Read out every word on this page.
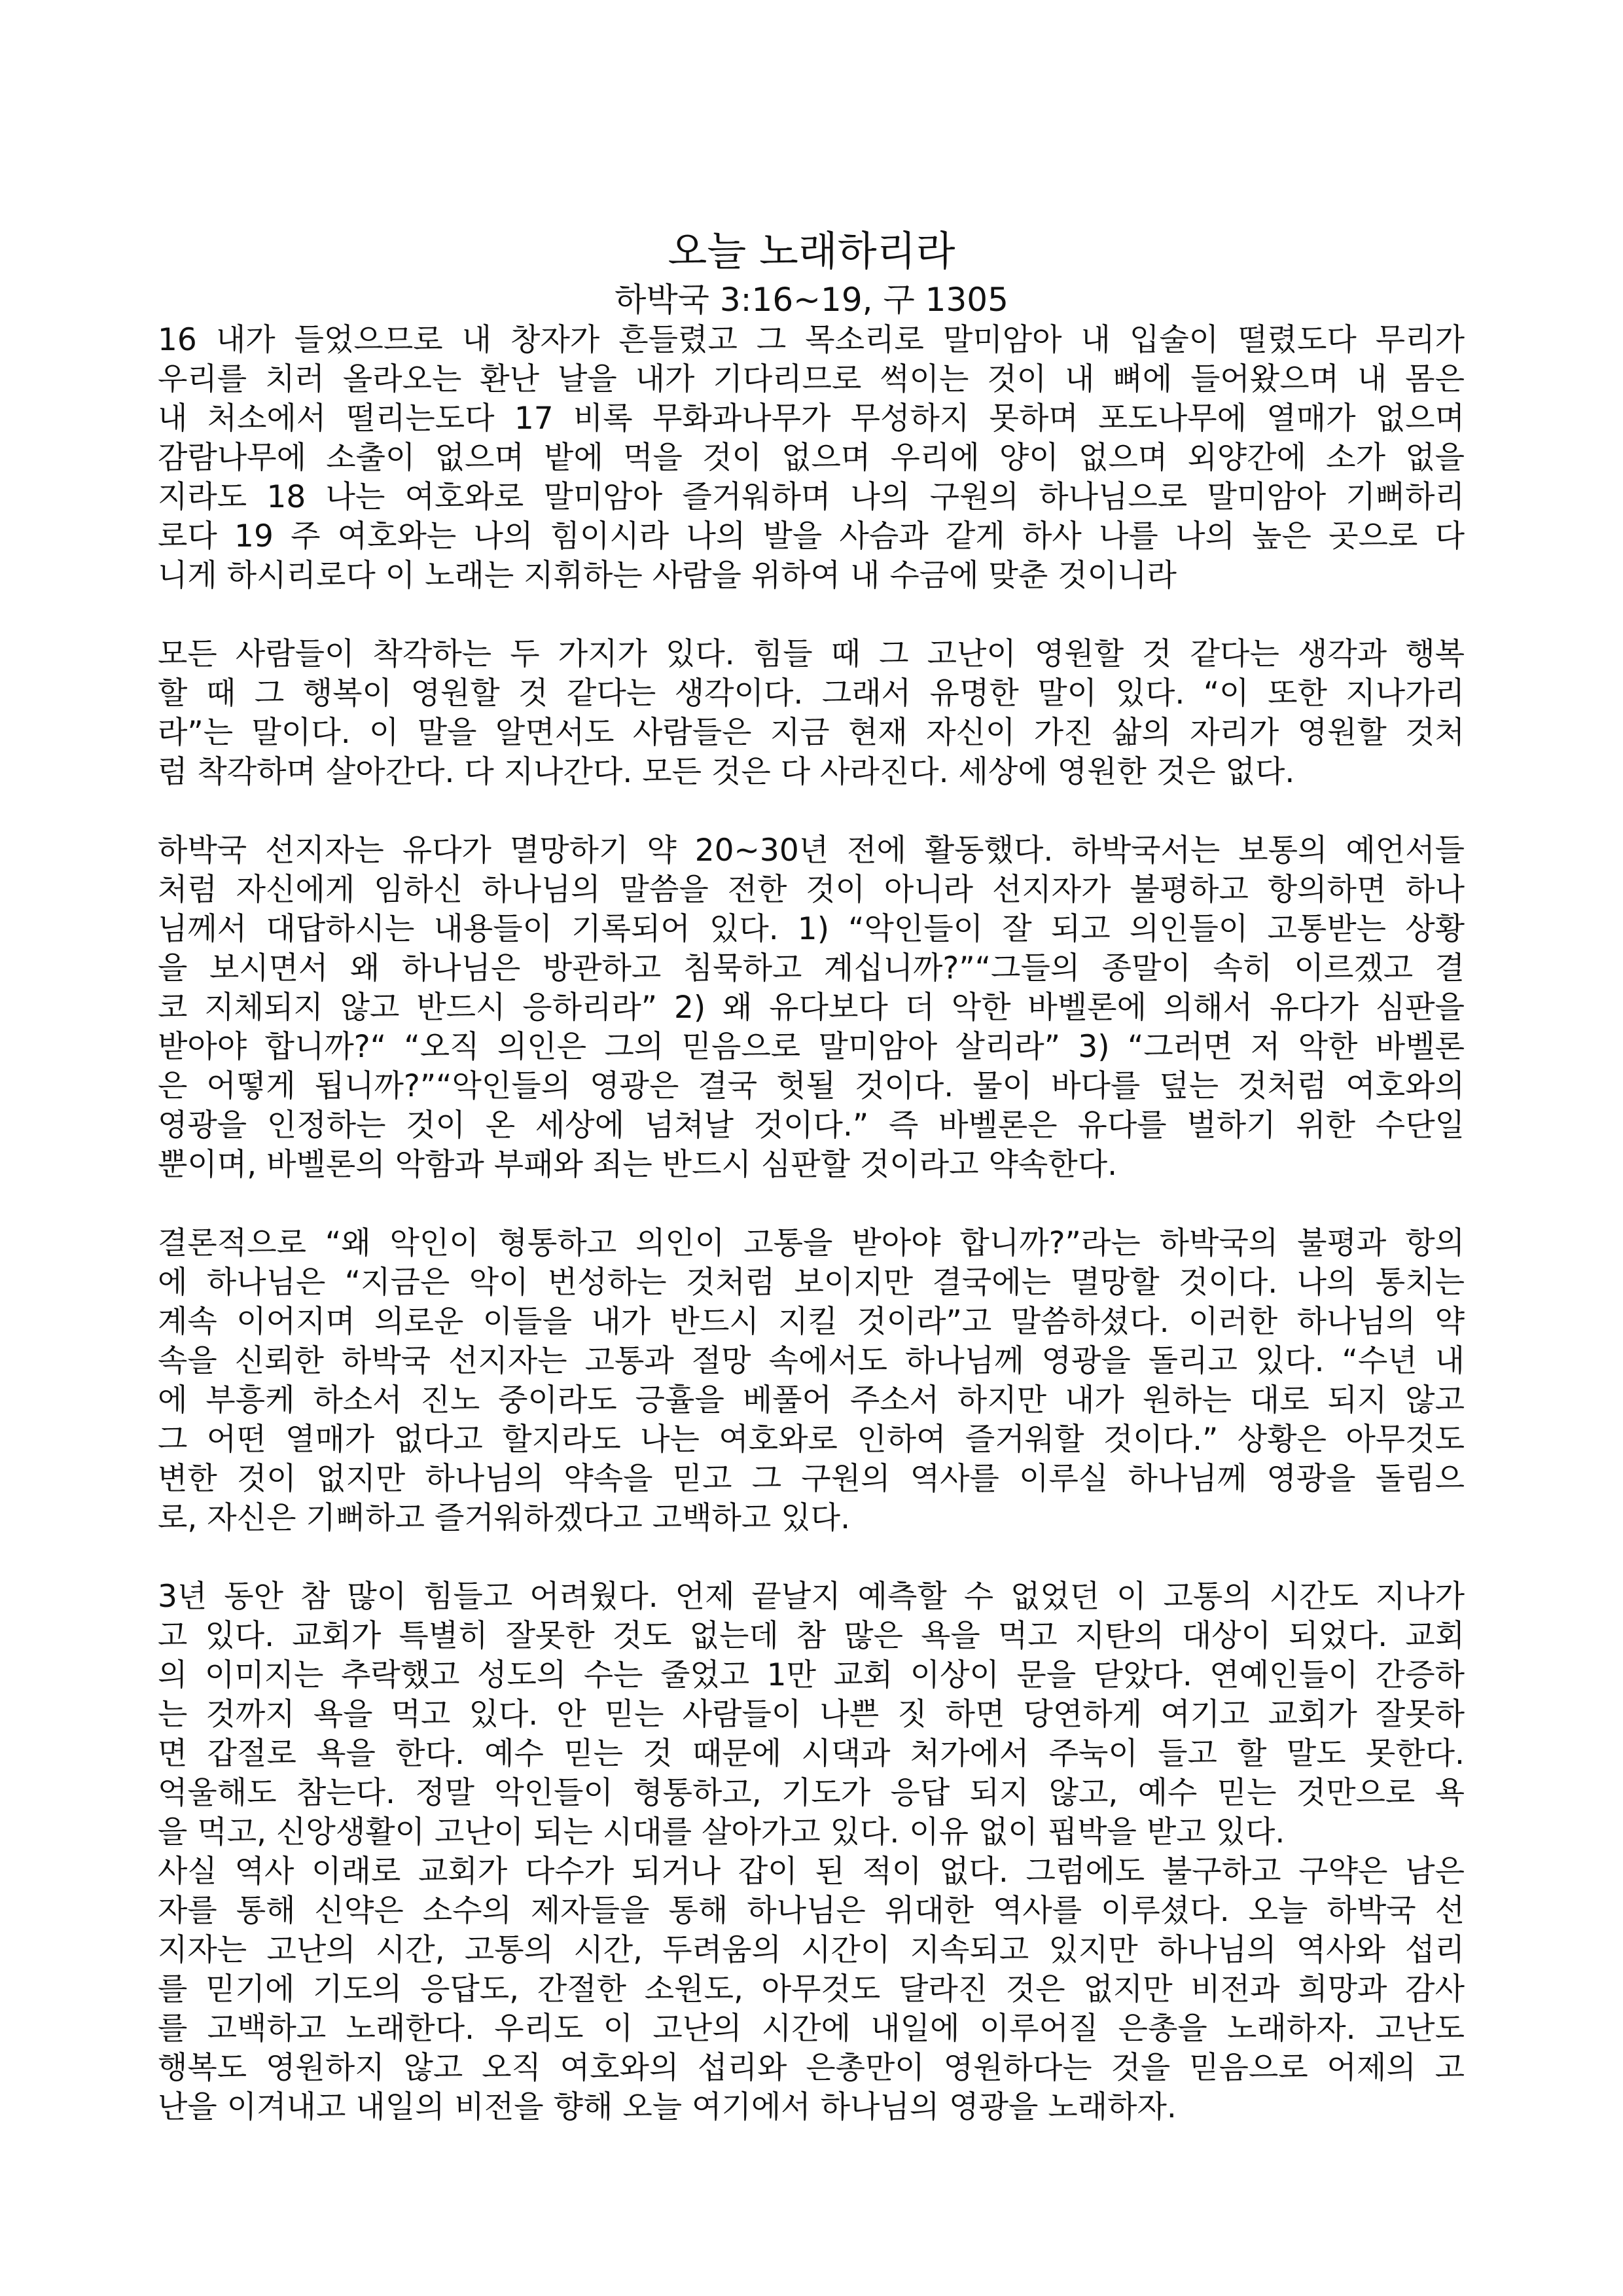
오늘 노래하리라
하박국 3:16~19, 구 1305
16 내가 들었으므로 내 창자가 흔들렸고 그 목소리로 말미암아 내 입술이 떨렸도다 무리가
우리를 치러 올라오는 환난 날을 내가 기다리므로 썩이는 것이 내 뼈에 들어왔으며 내 몸은
내 처소에서 떨리는도다 17 비록 무화과나무가 무성하지 못하며 포도나무에 열매가 없으며
감람나무에 소출이 없으며 밭에 먹을 것이 없으며 우리에 양이 없으며 외양간에 소가 없을
지라도 18 나는 여호와로 말미암아 즐거워하며 나의 구원의 하나님으로 말미암아 기뻐하리
로다 19 주 여호와는 나의 힘이시라 나의 발을 사슴과 같게 하사 나를 나의 높은 곳으로 다
니게 하시리로다 이 노래는 지휘하는 사람을 위하여 내 수금에 맞춘 것이니라
모든 사람들이 착각하는 두 가지가 있다. 힘들 때 그 고난이 영원할 것 같다는 생각과 행복
할 때 그 행복이 영원할 것 같다는 생각이다. 그래서 유명한 말이 있다. “이 또한 지나가리
라”는 말이다. 이 말을 알면서도 사람들은 지금 현재 자신이 가진 삶의 자리가 영원할 것처
럼 착각하며 살아간다. 다 지나간다. 모든 것은 다 사라진다. 세상에 영원한 것은 없다.
하박국 선지자는 유다가 멸망하기 약 20~30년 전에 활동했다. 하박국서는 보통의 예언서들
처럼 자신에게 임하신 하나님의 말씀을 전한 것이 아니라 선지자가 불평하고 항의하면 하나
님께서 대답하시는 내용들이 기록되어 있다. 1) “악인들이 잘 되고 의인들이 고통받는 상황
을 보시면서 왜 하나님은 방관하고 침묵하고 계십니까?”“그들의 종말이 속히 이르겠고 결
코 지체되지 않고 반드시 응하리라” 2) 왜 유다보다 더 악한 바벨론에 의해서 유다가 심판을
받아야 합니까?“ “오직 의인은 그의 믿음으로 말미암아 살리라” 3) “그러면 저 악한 바벨론
은 어떻게 됩니까?”“악인들의 영광은 결국 헛될 것이다. 물이 바다를 덮는 것처럼 여호와의
영광을 인정하는 것이 온 세상에 넘쳐날 것이다.” 즉 바벨론은 유다를 벌하기 위한 수단일
뿐이며, 바벨론의 악함과 부패와 죄는 반드시 심판할 것이라고 약속한다.
결론적으로 “왜 악인이 형통하고 의인이 고통을 받아야 합니까?”라는 하박국의 불평과 항의
에 하나님은 “지금은 악이 번성하는 것처럼 보이지만 결국에는 멸망할 것이다. 나의 통치는
계속 이어지며 의로운 이들을 내가 반드시 지킬 것이라”고 말씀하셨다. 이러한 하나님의 약
속을 신뢰한 하박국 선지자는 고통과 절망 속에서도 하나님께 영광을 돌리고 있다. “수년 내
에 부흥케 하소서 진노 중이라도 긍휼을 베풀어 주소서 하지만 내가 원하는 대로 되지 않고
그 어떤 열매가 없다고 할지라도 나는 여호와로 인하여 즐거워할 것이다.” 상황은 아무것도
변한 것이 없지만 하나님의 약속을 믿고 그 구원의 역사를 이루실 하나님께 영광을 돌림으
로, 자신은 기뻐하고 즐거워하겠다고 고백하고 있다.
3년 동안 참 많이 힘들고 어려웠다. 언제 끝날지 예측할 수 없었던 이 고통의 시간도 지나가
고 있다. 교회가 특별히 잘못한 것도 없는데 참 많은 욕을 먹고 지탄의 대상이 되었다. 교회
의 이미지는 추락했고 성도의 수는 줄었고 1만 교회 이상이 문을 닫았다. 연예인들이 간증하
는 것까지 욕을 먹고 있다. 안 믿는 사람들이 나쁜 짓 하면 당연하게 여기고 교회가 잘못하
면 갑절로 욕을 한다. 예수 믿는 것 때문에 시댁과 처가에서 주눅이 들고 할 말도 못한다.
억울해도 참는다. 정말 악인들이 형통하고, 기도가 응답 되지 않고, 예수 믿는 것만으로 욕
을 먹고, 신앙생활이 고난이 되는 시대를 살아가고 있다. 이유 없이 핍박을 받고 있다.
사실 역사 이래로 교회가 다수가 되거나 갑이 된 적이 없다. 그럼에도 불구하고 구약은 남은
자를 통해 신약은 소수의 제자들을 통해 하나님은 위대한 역사를 이루셨다. 오늘 하박국 선
지자는 고난의 시간, 고통의 시간, 두려움의 시간이 지속되고 있지만 하나님의 역사와 섭리
를 믿기에 기도의 응답도, 간절한 소원도, 아무것도 달라진 것은 없지만 비전과 희망과 감사
를 고백하고 노래한다. 우리도 이 고난의 시간에 내일에 이루어질 은총을 노래하자. 고난도
행복도 영원하지 않고 오직 여호와의 섭리와 은총만이 영원하다는 것을 믿음으로 어제의 고
난을 이겨내고 내일의 비전을 향해 오늘 여기에서 하나님의 영광을 노래하자.
